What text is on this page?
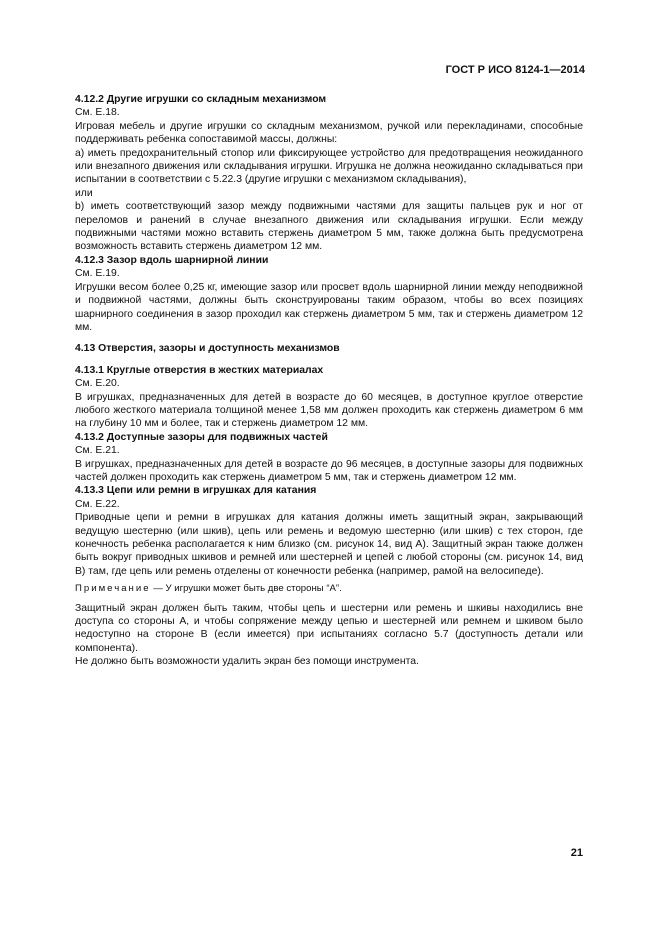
ГОСТ Р ИСО 8124-1—2014

4.12.2 Другие игрушки со складным механизмом

См. Е.18.

Игровая мебель и другие игрушки со складным механизмом, ручкой или перекладинами, способные поддерживать ребенка сопоставимой массы, должны:

a) иметь предохранительный стопор или фиксирующее устройство для предотвращения неожиданного или внезапного движения или складывания игрушки. Игрушка не должна неожиданно складываться при испытании в соответствии с 5.22.3 (другие игрушки с механизмом складывания),

или

b) иметь соответствующий зазор между подвижными частями для защиты пальцев рук и ног от переломов и ранений в случае внезапного движения или складывания игрушки. Если между подвижными частями можно вставить стержень диаметром 5 мм, также должна быть предусмотрена возможность вставить стержень диаметром 12 мм.

4.12.3 Зазор вдоль шарнирной линии

См. Е.19.

Игрушки весом более 0,25 кг, имеющие зазор или просвет вдоль шарнирной линии между неподвижной и подвижной частями, должны быть сконструированы таким образом, чтобы во всех позициях шарнирного соединения в зазор проходил как стержень диаметром 5 мм, так и стержень диаметром 12 мм.

4.13 Отверстия, зазоры и доступность механизмов

4.13.1 Круглые отверстия в жестких материалах

См. Е.20.

В игрушках, предназначенных для детей в возрасте до 60 месяцев, в доступное круглое отверстие любого жесткого материала толщиной менее 1,58 мм должен проходить как стержень диаметром 6 мм на глубину 10 мм и более, так и стержень диаметром 12 мм.

4.13.2 Доступные зазоры для подвижных частей

См. Е.21.

В игрушках, предназначенных для детей в возрасте до 96 месяцев, в доступные зазоры для подвижных частей должен проходить как стержень диаметром 5 мм, так и стержень диаметром 12 мм.

4.13.3 Цепи или ремни в игрушках для катания

См. Е.22.

Приводные цепи и ремни в игрушках для катания должны иметь защитный экран, закрывающий ведущую шестерню (или шкив), цепь или ремень и ведомую шестерню (или шкив) с тех сторон, где конечность ребенка располагается к ним близко (см. рисунок 14, вид А). Защитный экран также должен быть вокруг приводных шкивов и ремней или шестерней и цепей с любой стороны (см. рисунок 14, вид В) там, где цепь или ремень отделены от конечности ребенка (например, рамой на велосипеде).

Примечание — У игрушки может быть две стороны “А”.

Защитный экран должен быть таким, чтобы цепь и шестерни или ремень и шкивы находились вне доступа со стороны А, и чтобы сопряжение между цепью и шестерней или ремнем и шкивом было недоступно на стороне В (если имеется) при испытаниях согласно 5.7 (доступность детали или компонента).

Не должно быть возможности удалить экран без помощи инструмента.

21
